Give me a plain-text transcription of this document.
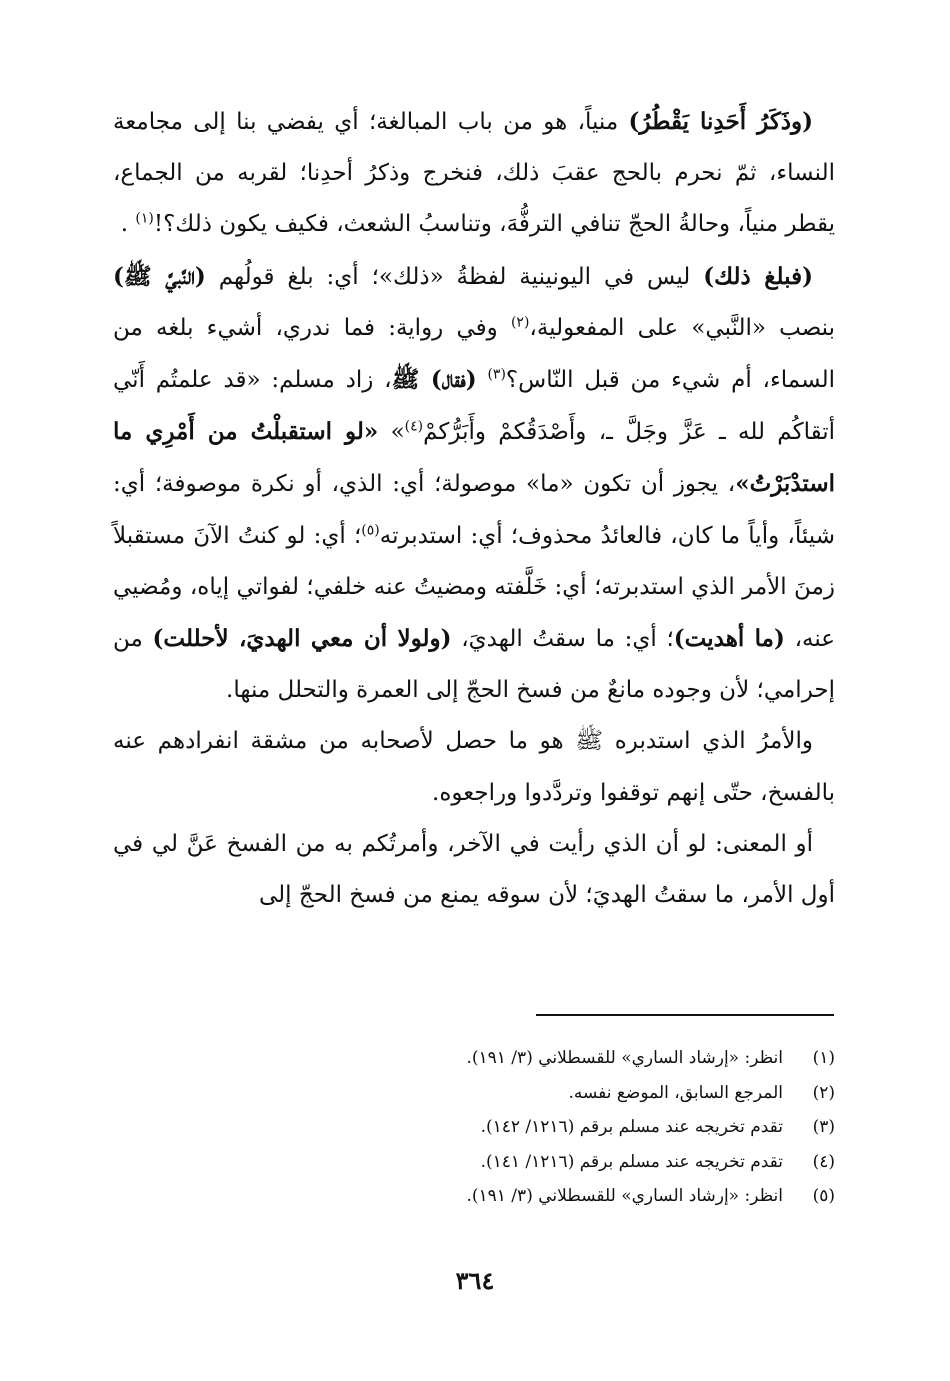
(وذَكَرُ أَحَدِنا يَقْطُرُ) منياً، هو من باب المبالغة؛ أي يفضي بنا إلى مجامعة النساء، ثمّ نحرم بالحج عقبَ ذلك، فنخرج وذكرُ أحدِنا؛ لقربه من الجماع، يقطر منياً، وحالةُ الحجّ تنافي الترفُّهَ، وتناسبُ الشعث، فكيف يكون ذلك؟!$^{(١)}$ .

(فبلغ ذلك) ليس في اليونينية لفظةُ «ذلك»؛ أي: بلغ قولُهم (النَّبيَّ ﷺ) بنصب «النَّبي» على المفعولية،$^{(٢)}$ وفي رواية: فما ندري، أشيء بلغه من السماء، أم شيء من قبل النّاس؟$^{(٣)}$ (فقال) ﷺ، زاد مسلم: «قد علمتُم أَنّي أتقاكُم لله ـ عَزَّ وجَلَّ ـ، وأَصْدَقُكمْ وأَبَرُّكمْ$^{(٤)}$» «لو استقبلْتُ من أَمْرِي ما استدْبَرْتُ»، يجوز أن تكون «ما» موصولة؛ أي: الذي، أو نكرة موصوفة؛ أي: شيئاً، وأياً ما كان، فالعائدُ محذوف؛ أي: استدبرته$^{(٥)}$؛ أي: لو كنتُ الآنَ مستقبلاً زمنَ الأمر الذي استدبرته؛ أي: خَلَّفته ومضيتُ عنه خلفي؛ لفواتي إياه، ومُضيي عنه، (ما أهديت)؛ أي: ما سقتُ الهديَ، (ولولا أن معي الهديَ، لأحللت) من إحرامي؛ لأن وجوده مانعٌ من فسخ الحجّ إلى العمرة والتحلل منها.

والأمرُ الذي استدبره ﷺ هو ما حصل لأصحابه من مشقة انفرادهم عنه بالفسخ، حتّى إنهم توقفوا وتردَّدوا وراجعوه.

أو المعنى: لو أن الذي رأيت في الآخر، وأمرتُكم به من الفسخ عَنَّ لي في أول الأمر، ما سقتُ الهديَ؛ لأن سوقه يمنع من فسخ الحجّ إلى

(١)
انظر: «إرشاد الساري» للقسطلاني (٣/ ١٩١).
(٢)
المرجع السابق، الموضع نفسه.
(٣)
تقدم تخريجه عند مسلم برقم (١٢١٦/ ١٤٢).
(٤)
تقدم تخريجه عند مسلم برقم (١٢١٦/ ١٤١).
(٥)
انظر: «إرشاد الساري» للقسطلاني (٣/ ١٩١).
٣٦٤
